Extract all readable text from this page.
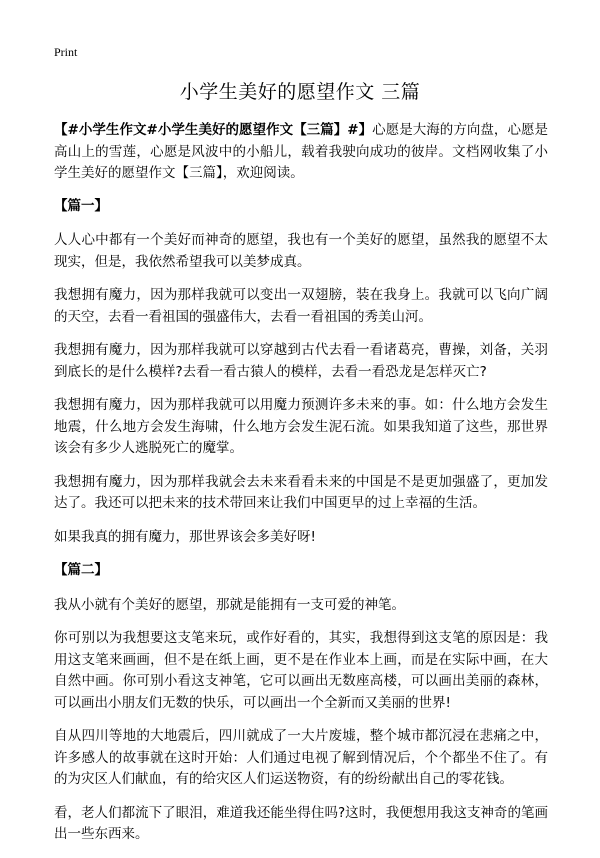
Print
小学生美好的愿望作文 三篇

【#小学生作文#小学生美好的愿望作文【三篇】#】心愿是大海的方向盘，心愿是高山上的雪莲，心愿是风波中的小船儿，载着我驶向成功的彼岸。文档网收集了小学生美好的愿望作文【三篇】，欢迎阅读。

【篇一】

人人心中都有一个美好而神奇的愿望，我也有一个美好的愿望，虽然我的愿望不太现实，但是，我依然希望我可以美梦成真。

我想拥有魔力，因为那样我就可以变出一双翅膀，装在我身上。我就可以飞向广阔的天空，去看一看祖国的强盛伟大，去看一看祖国的秀美山河。

我想拥有魔力，因为那样我就可以穿越到古代去看一看诸葛亮，曹操，刘备，关羽到底长的是什么模样?去看一看古猿人的模样，去看一看恐龙是怎样灭亡?

我想拥有魔力，因为那样我就可以用魔力预测许多未来的事。如：什么地方会发生地震，什么地方会发生海啸，什么地方会发生泥石流。如果我知道了这些，那世界该会有多少人逃脱死亡的魔掌。

我想拥有魔力，因为那样我就会去未来看看未来的中国是不是更加强盛了，更加发达了。我还可以把未来的技术带回来让我们中国更早的过上幸福的生活。

如果我真的拥有魔力，那世界该会多美好呀!

【篇二】

我从小就有个美好的愿望，那就是能拥有一支可爱的神笔。

你可别以为我想要这支笔来玩，或作好看的，其实，我想得到这支笔的原因是：我用这支笔来画画，但不是在纸上画，更不是在作业本上画，而是在实际中画，在大自然中画。你可别小看这支神笔，它可以画出无数座高楼，可以画出美丽的森林，可以画出小朋友们无数的快乐，可以画出一个全新而又美丽的世界!

自从四川等地的大地震后，四川就成了一大片废墟，整个城市都沉浸在悲痛之中，许多感人的故事就在这时开始：人们通过电视了解到情况后，个个都坐不住了。有的为灾区人们献血，有的给灾区人们运送物资，有的纷纷献出自己的零花钱。

看，老人们都流下了眼泪，难道我还能坐得住吗?这时，我便想用我这支神奇的笔画出一些东西来。
